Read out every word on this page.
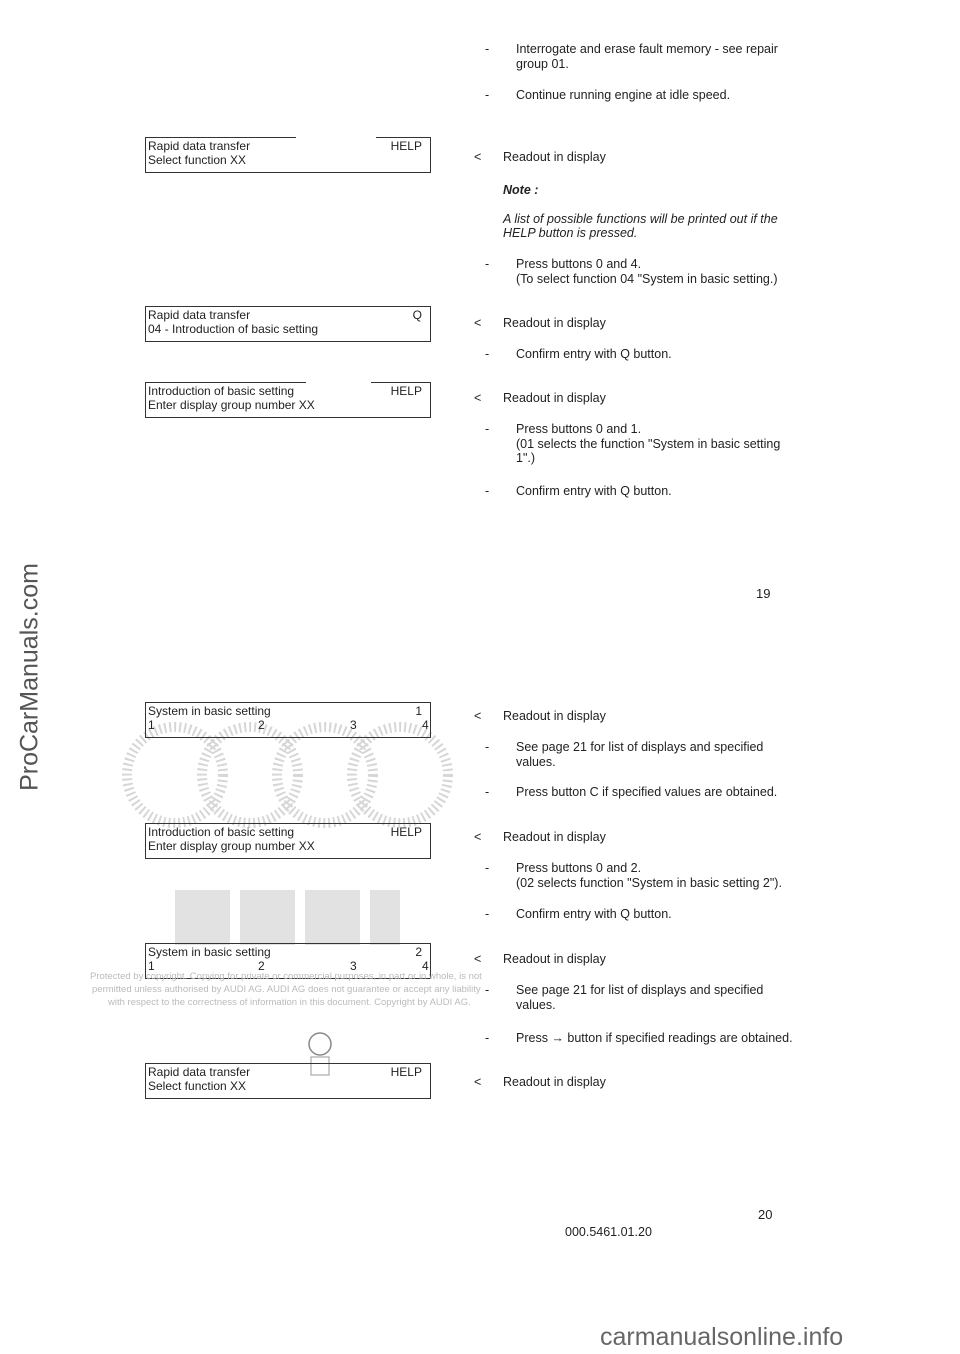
ProCarManuals.com
Rapid data transfer	HELP
Select function XX
Rapid data transfer	Q
04 - Introduction of basic setting
Introduction of basic setting	HELP
Enter display group number XX
System in basic setting	1
1	2	3	4
Introduction of basic setting	HELP
Enter display group number XX
System in basic setting	2
1	2	3	4
Rapid data transfer	HELP
Select function XX
Protected by copyright. Copying for private or commercial purposes, in part or in whole, is not
permitted unless authorised by AUDI AG. AUDI AG does not guarantee or accept any liability
with respect to the correctness of information in this document. Copyright by AUDI AG.
- Interrogate and erase fault memory - see repair
group 01.
- Continue running engine at idle speed.
< Readout in display
Note :
A list of possible functions will be printed out if the
HELP button is pressed.
- Press buttons 0 and 4.
(To select function 04 "System in basic setting.)
< Readout in display
- Confirm entry with Q button.
< Readout in display
- Press buttons 0 and 1.
(01 selects the function "System in basic setting
1".)
- Confirm entry with Q button.
19
< Readout in display
- See page 21 for list of displays and specified
values.
- Press button C if specified values are obtained.
< Readout in display
- Press buttons 0 and 2.
(02 selects function "System in basic setting 2").
- Confirm entry with Q button.
< Readout in display
- See page 21 for list of displays and specified
values.
- Press → button if specified readings are obtained.
< Readout in display
20
000.5461.01.20
carmanualsonline.info
